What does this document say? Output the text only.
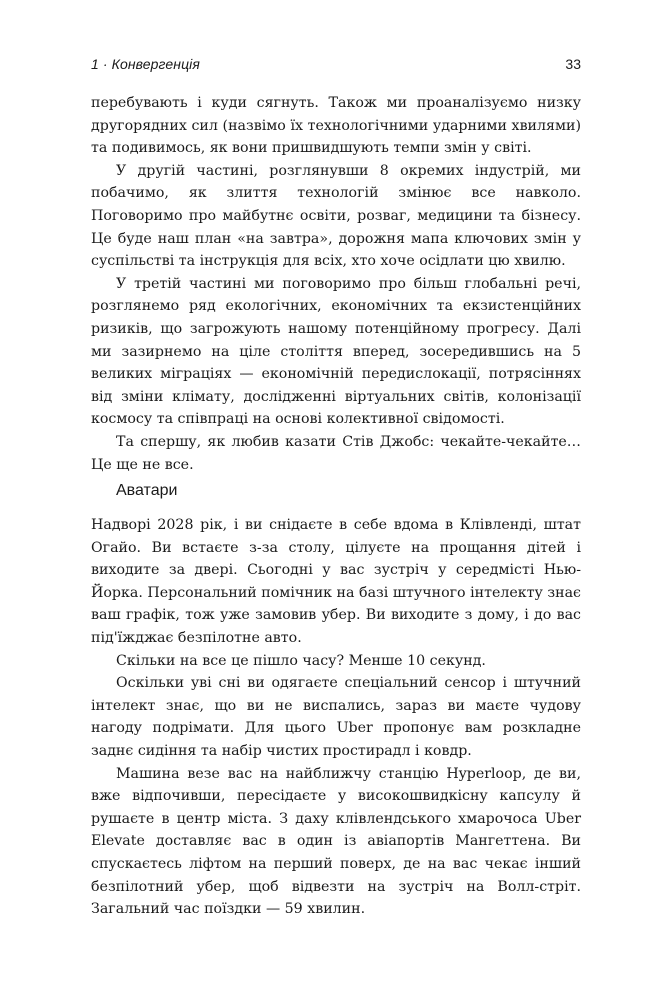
1 · Конвергенція	33

перебувають і куди сягнуть. Також ми проаналізуємо низку другорядних сил (назвімо їх технологічними ударними хвилями) та подивимось, як вони пришвидшують темпи змін у світі.

У другій частині, розглянувши 8 окремих індустрій, ми побачимо, як злиття технологій змінює все навколо. Поговоримо про майбутнє освіти, розваг, медицини та бізнесу. Це буде наш план «на завтра», дорожня мапа ключових змін у суспільстві та інструкція для всіх, хто хоче осідлати цю хвилю.

У третій частині ми поговоримо про більш глобальні речі, розглянемо ряд екологічних, економічних та екзистенційних ризиків, що загрожують нашому потенційному прогресу. Далі ми зазирнемо на ціле століття вперед, зосередившись на 5 великих міграціях — економічній передислокації, потрясіннях від зміни клімату, дослідженні віртуальних світів, колонізації космосу та співпраці на основі колективної свідомості.

Та спершу, як любив казати Стів Джобс: чекайте-чекайте… Це ще не все.

Аватари

Надворі 2028 рік, і ви снідаєте в себе вдома в Клівленді, штат Огайо. Ви встаєте з-за столу, цілуєте на прощання дітей і виходите за двері. Сьогодні у вас зустріч у середмісті Нью-Йорка. Персональний помічник на базі штучного інтелекту знає ваш графік, тож уже замовив убер. Ви виходите з дому, і до вас під'їжджає безпілотне авто.

Скільки на все це пішло часу? Менше 10 секунд.

Оскільки уві сні ви одягаєте спеціальний сенсор і штучний інтелект знає, що ви не виспались, зараз ви маєте чудову нагоду подрімати. Для цього Uber пропонує вам розкладне заднє сидіння та набір чистих простирадл і ковдр.

Машина везе вас на найближчу станцію Hyperloop, де ви, вже відпочивши, пересідаєте у високошвидкісну капсулу й рушаєте в центр міста. З даху клівлендського хмарочоса Uber Elevate доставляє вас в один із авіапортів Мангеттена. Ви спускаєтесь ліфтом на перший поверх, де на вас чекає інший безпілотний убер, щоб відвезти на зустріч на Волл-стріт. Загальний час поїздки — 59 хвилин.
